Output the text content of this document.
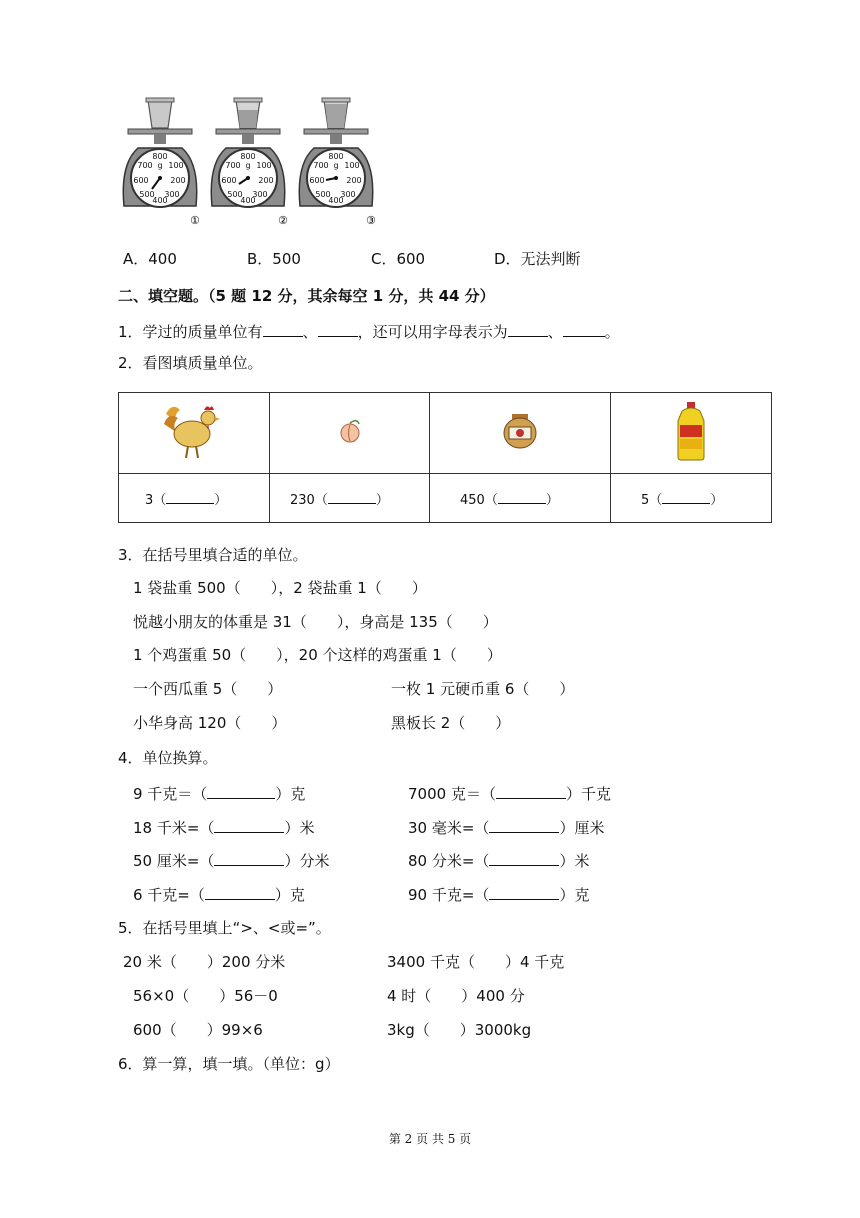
800
100
200
300
400
500
600
700 g
①
800
100
200
300
400
500
600
700 g
②
800
100
200
300
400
500
600
700 g
③
A．400	B．500	C．600	D．无法判断
二、填空题。（5 题 12 分，其余每空 1 分，共 44 分）
1．学过的质量单位有	、	，还可以用字母表示为	、	。
2．看图填质量单位。

3（ ）	230（ ）	450（ ）	5（ ）
3．在括号里填合适的单位。
1 袋盐重 500（　　），2 袋盐重 1（　　）
悦越小朋友的体重是 31（　　），身高是 135（　　）
1 个鸡蛋重 50（　　），20 个这样的鸡蛋重 1（　　）
一个西瓜重 5（　　）	一枚 1 元硬币重 6（　　）
小华身高 120（　　）	黑板长 2（　　）
4．单位换算。
9 千克＝（	）克	7000 克＝（	）千克
18 千米=（	）米	30 毫米=（	）厘米
50 厘米=（	）分米	80 分米=（	）米
6 千克=（	）克	90 千克=（	）克
5．在括号里填上“>、<或=”。
20 米（　　）200 分米	3400 千克（　　）4 千克
56×0（　　）56－0	4 时（　　）400 分
600（　　）99×6	3kg（　　）3000kg
6．算一算，填一填。（单位：g）
第 2 页 共 5 页
